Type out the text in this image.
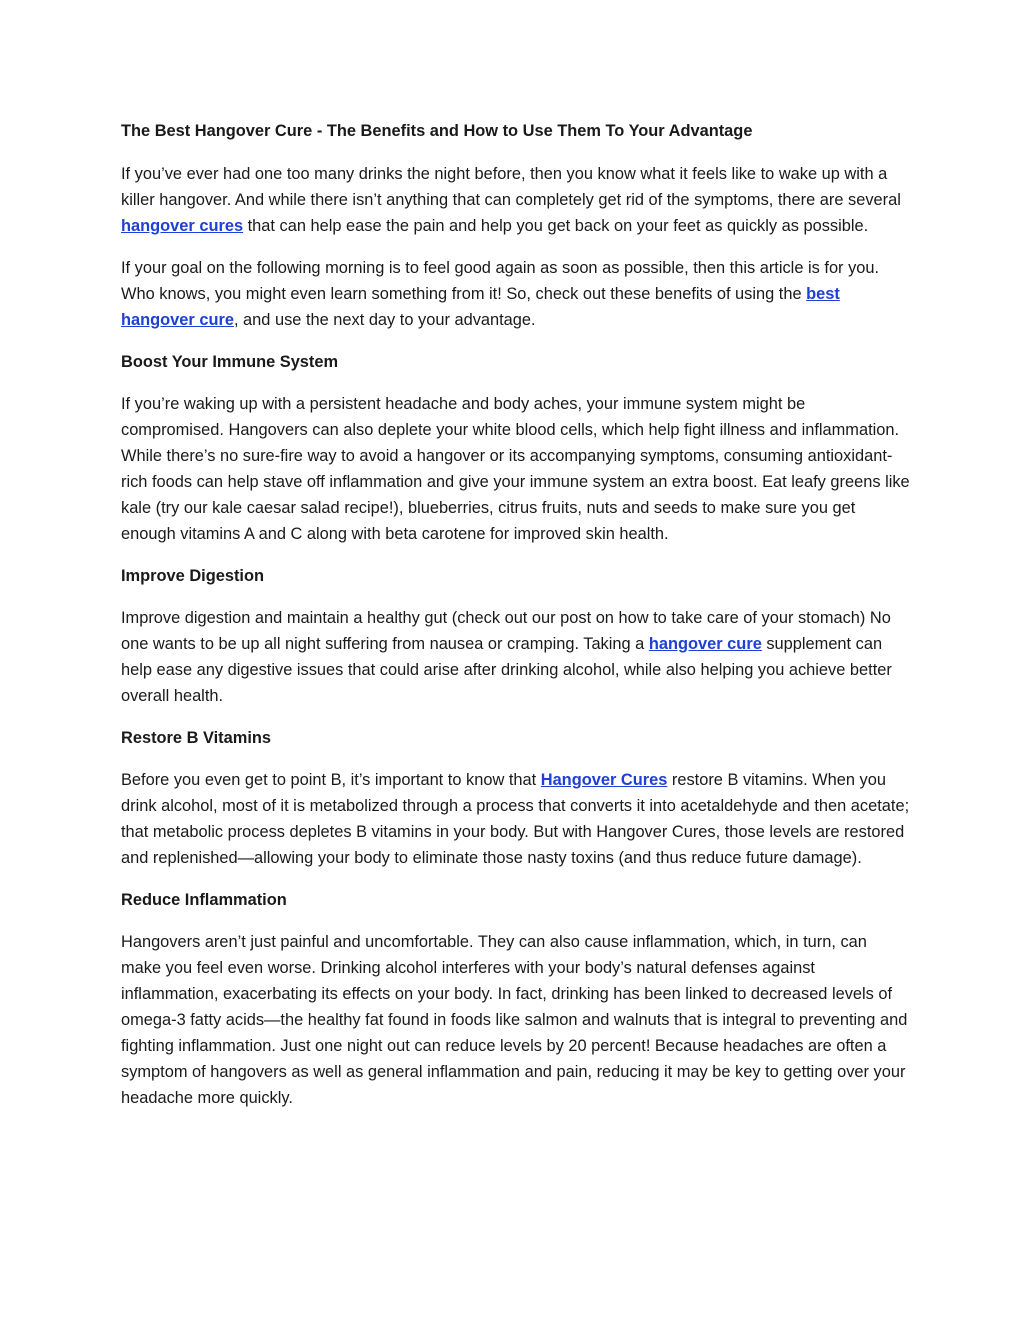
The Best Hangover Cure - The Benefits and How to Use Them To Your Advantage

If you’ve ever had one too many drinks the night before, then you know what it feels like to wake up with a killer hangover. And while there isn’t anything that can completely get rid of the symptoms, there are several hangover cures that can help ease the pain and help you get back on your feet as quickly as possible.

If your goal on the following morning is to feel good again as soon as possible, then this article is for you. Who knows, you might even learn something from it! So, check out these benefits of using the best hangover cure, and use the next day to your advantage.

Boost Your Immune System

If you’re waking up with a persistent headache and body aches, your immune system might be compromised. Hangovers can also deplete your white blood cells, which help fight illness and inflammation. While there’s no sure-fire way to avoid a hangover or its accompanying symptoms, consuming antioxidant-rich foods can help stave off inflammation and give your immune system an extra boost. Eat leafy greens like kale (try our kale caesar salad recipe!), blueberries, citrus fruits, nuts and seeds to make sure you get enough vitamins A and C along with beta carotene for improved skin health.

Improve Digestion

Improve digestion and maintain a healthy gut (check out our post on how to take care of your stomach) No one wants to be up all night suffering from nausea or cramping. Taking a hangover cure supplement can help ease any digestive issues that could arise after drinking alcohol, while also helping you achieve better overall health.

Restore B Vitamins

Before you even get to point B, it’s important to know that Hangover Cures restore B vitamins. When you drink alcohol, most of it is metabolized through a process that converts it into acetaldehyde and then acetate; that metabolic process depletes B vitamins in your body. But with Hangover Cures, those levels are restored and replenished—allowing your body to eliminate those nasty toxins (and thus reduce future damage).

Reduce Inflammation

Hangovers aren’t just painful and uncomfortable. They can also cause inflammation, which, in turn, can make you feel even worse. Drinking alcohol interferes with your body’s natural defenses against inflammation, exacerbating its effects on your body. In fact, drinking has been linked to decreased levels of omega-3 fatty acids—the healthy fat found in foods like salmon and walnuts that is integral to preventing and fighting inflammation. Just one night out can reduce levels by 20 percent! Because headaches are often a symptom of hangovers as well as general inflammation and pain, reducing it may be key to getting over your headache more quickly.
